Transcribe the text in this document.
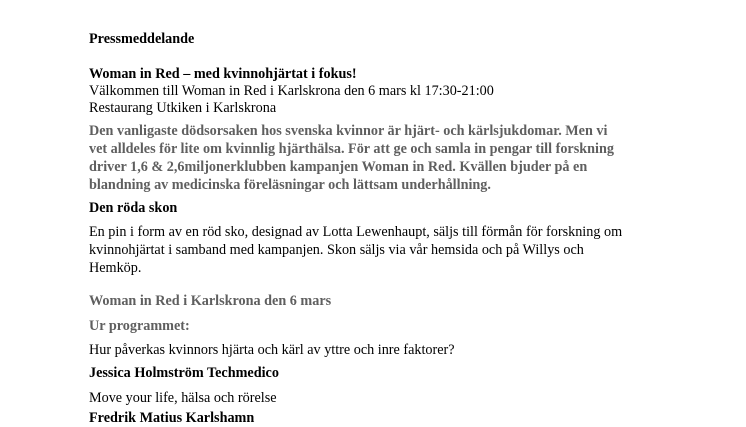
Pressmeddelande
Woman in Red – med kvinnohjärtat i fokus!
Välkommen till Woman in Red i Karlskrona den 6 mars kl 17:30-21:00
Restaurang Utkiken i Karlskrona
Den vanligaste dödsorsaken hos svenska kvinnor är hjärt- och kärlsjukdomar. Men vi
vet alldeles för lite om kvinnlig hjärthälsa. För att ge och samla in pengar till forskning
driver 1,6 & 2,6miljonerklubben kampanjen Woman in Red. Kvällen bjuder på en
blandning av medicinska föreläsningar och lättsam underhållning.
Den röda skon
En pin i form av en röd sko, designad av Lotta Lewenhaupt, säljs till förmån för forskning om
kvinnohjärtat i samband med kampanjen. Skon säljs via vår hemsida och på Willys och
Hemköp.
Woman in Red i Karlskrona den 6 mars
Ur programmet:
Hur påverkas kvinnors hjärta och kärl av yttre och inre faktorer?
Jessica Holmström Techmedico
Move your life, hälsa och rörelse
Fredrik Matius Karlshamn
